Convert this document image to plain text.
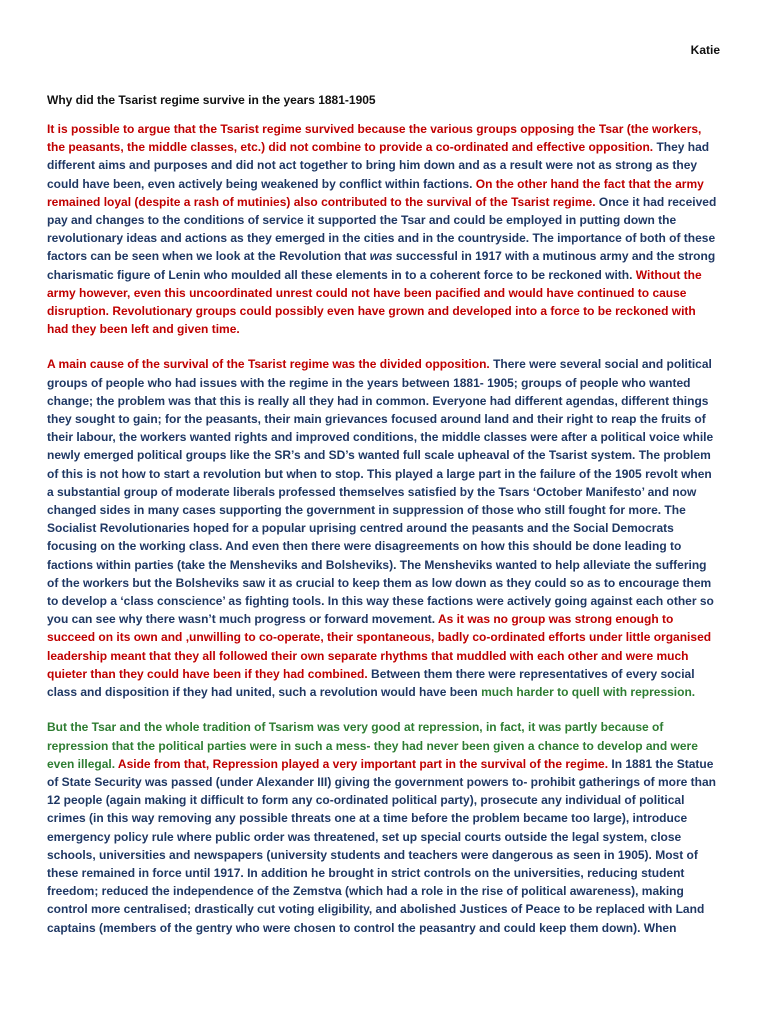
Katie
Why did the Tsarist regime survive in the years 1881-1905

It is possible to argue that the Tsarist regime survived because the various groups opposing the Tsar (the workers, the peasants, the middle classes, etc.) did not combine to provide a co-ordinated and effective opposition. They had different aims and purposes and did not act together to bring him down and as a result were not as strong as they could have been, even actively being weakened by conflict within factions. On the other hand the fact that the army remained loyal (despite a rash of mutinies) also contributed to the survival of the Tsarist regime. Once it had received pay and changes to the conditions of service it supported the Tsar and could be employed in putting down the revolutionary ideas and actions as they emerged in the cities and in the countryside. The importance of both of these factors can be seen when we look at the Revolution that was successful in 1917 with a mutinous army and the strong charismatic figure of Lenin who moulded all these elements in to a coherent force to be reckoned with. Without the army however, even this uncoordinated unrest could not have been pacified and would have continued to cause disruption. Revolutionary groups could possibly even have grown and developed into a force to be reckoned with had they been left and given time.

A main cause of the survival of the Tsarist regime was the divided opposition. There were several social and political groups of people who had issues with the regime in the years between 1881- 1905; groups of people who wanted change; the problem was that this is really all they had in common. Everyone had different agendas, different things they sought to gain; for the peasants, their main grievances focused around land and their right to reap the fruits of their labour, the workers wanted rights and improved conditions, the middle classes were after a political voice while newly emerged political groups like the SR’s and SD’s wanted full scale upheaval of the Tsarist system. The problem of this is not how to start a revolution but when to stop. This played a large part in the failure of the 1905 revolt when a substantial group of moderate liberals professed themselves satisfied by the Tsars ‘October Manifesto’ and now changed sides in many cases supporting the government in suppression of those who still fought for more. The Socialist Revolutionaries hoped for a popular uprising centred around the peasants and the Social Democrats focusing on the working class. And even then there were disagreements on how this should be done leading to factions within parties (take the Mensheviks and Bolsheviks). The Mensheviks wanted to help alleviate the suffering of the workers but the Bolsheviks saw it as crucial to keep them as low down as they could so as to encourage them to develop a ‘class conscience’ as fighting tools. In this way these factions were actively going against each other so you can see why there wasn’t much progress or forward movement. As it was no group was strong enough to succeed on its own and ,unwilling to co-operate, their spontaneous, badly co-ordinated efforts under little organised leadership meant that they all followed their own separate rhythms that muddled with each other and were much quieter than they could have been if they had combined. Between them there were representatives of every social class and disposition if they had united, such a revolution would have been much harder to quell with repression.

But the Tsar and the whole tradition of Tsarism was very good at repression, in fact, it was partly because of repression that the political parties were in such a mess- they had never been given a chance to develop and were even illegal. Aside from that, Repression played a very important part in the survival of the regime. In 1881 the Statue of State Security was passed (under Alexander III) giving the government powers to- prohibit gatherings of more than 12 people (again making it difficult to form any co-ordinated political party), prosecute any individual of political crimes (in this way removing any possible threats one at a time before the problem became too large), introduce emergency policy rule where public order was threatened, set up special courts outside the legal system, close schools, universities and newspapers (university students and teachers were dangerous as seen in 1905). Most of these remained in force until 1917. In addition he brought in strict controls on the universities, reducing student freedom; reduced the independence of the Zemstva (which had a role in the rise of political awareness), making control more centralised; drastically cut voting eligibility, and abolished Justices of Peace to be replaced with Land captains (members of the gentry who were chosen to control the peasantry and could keep them down). When
